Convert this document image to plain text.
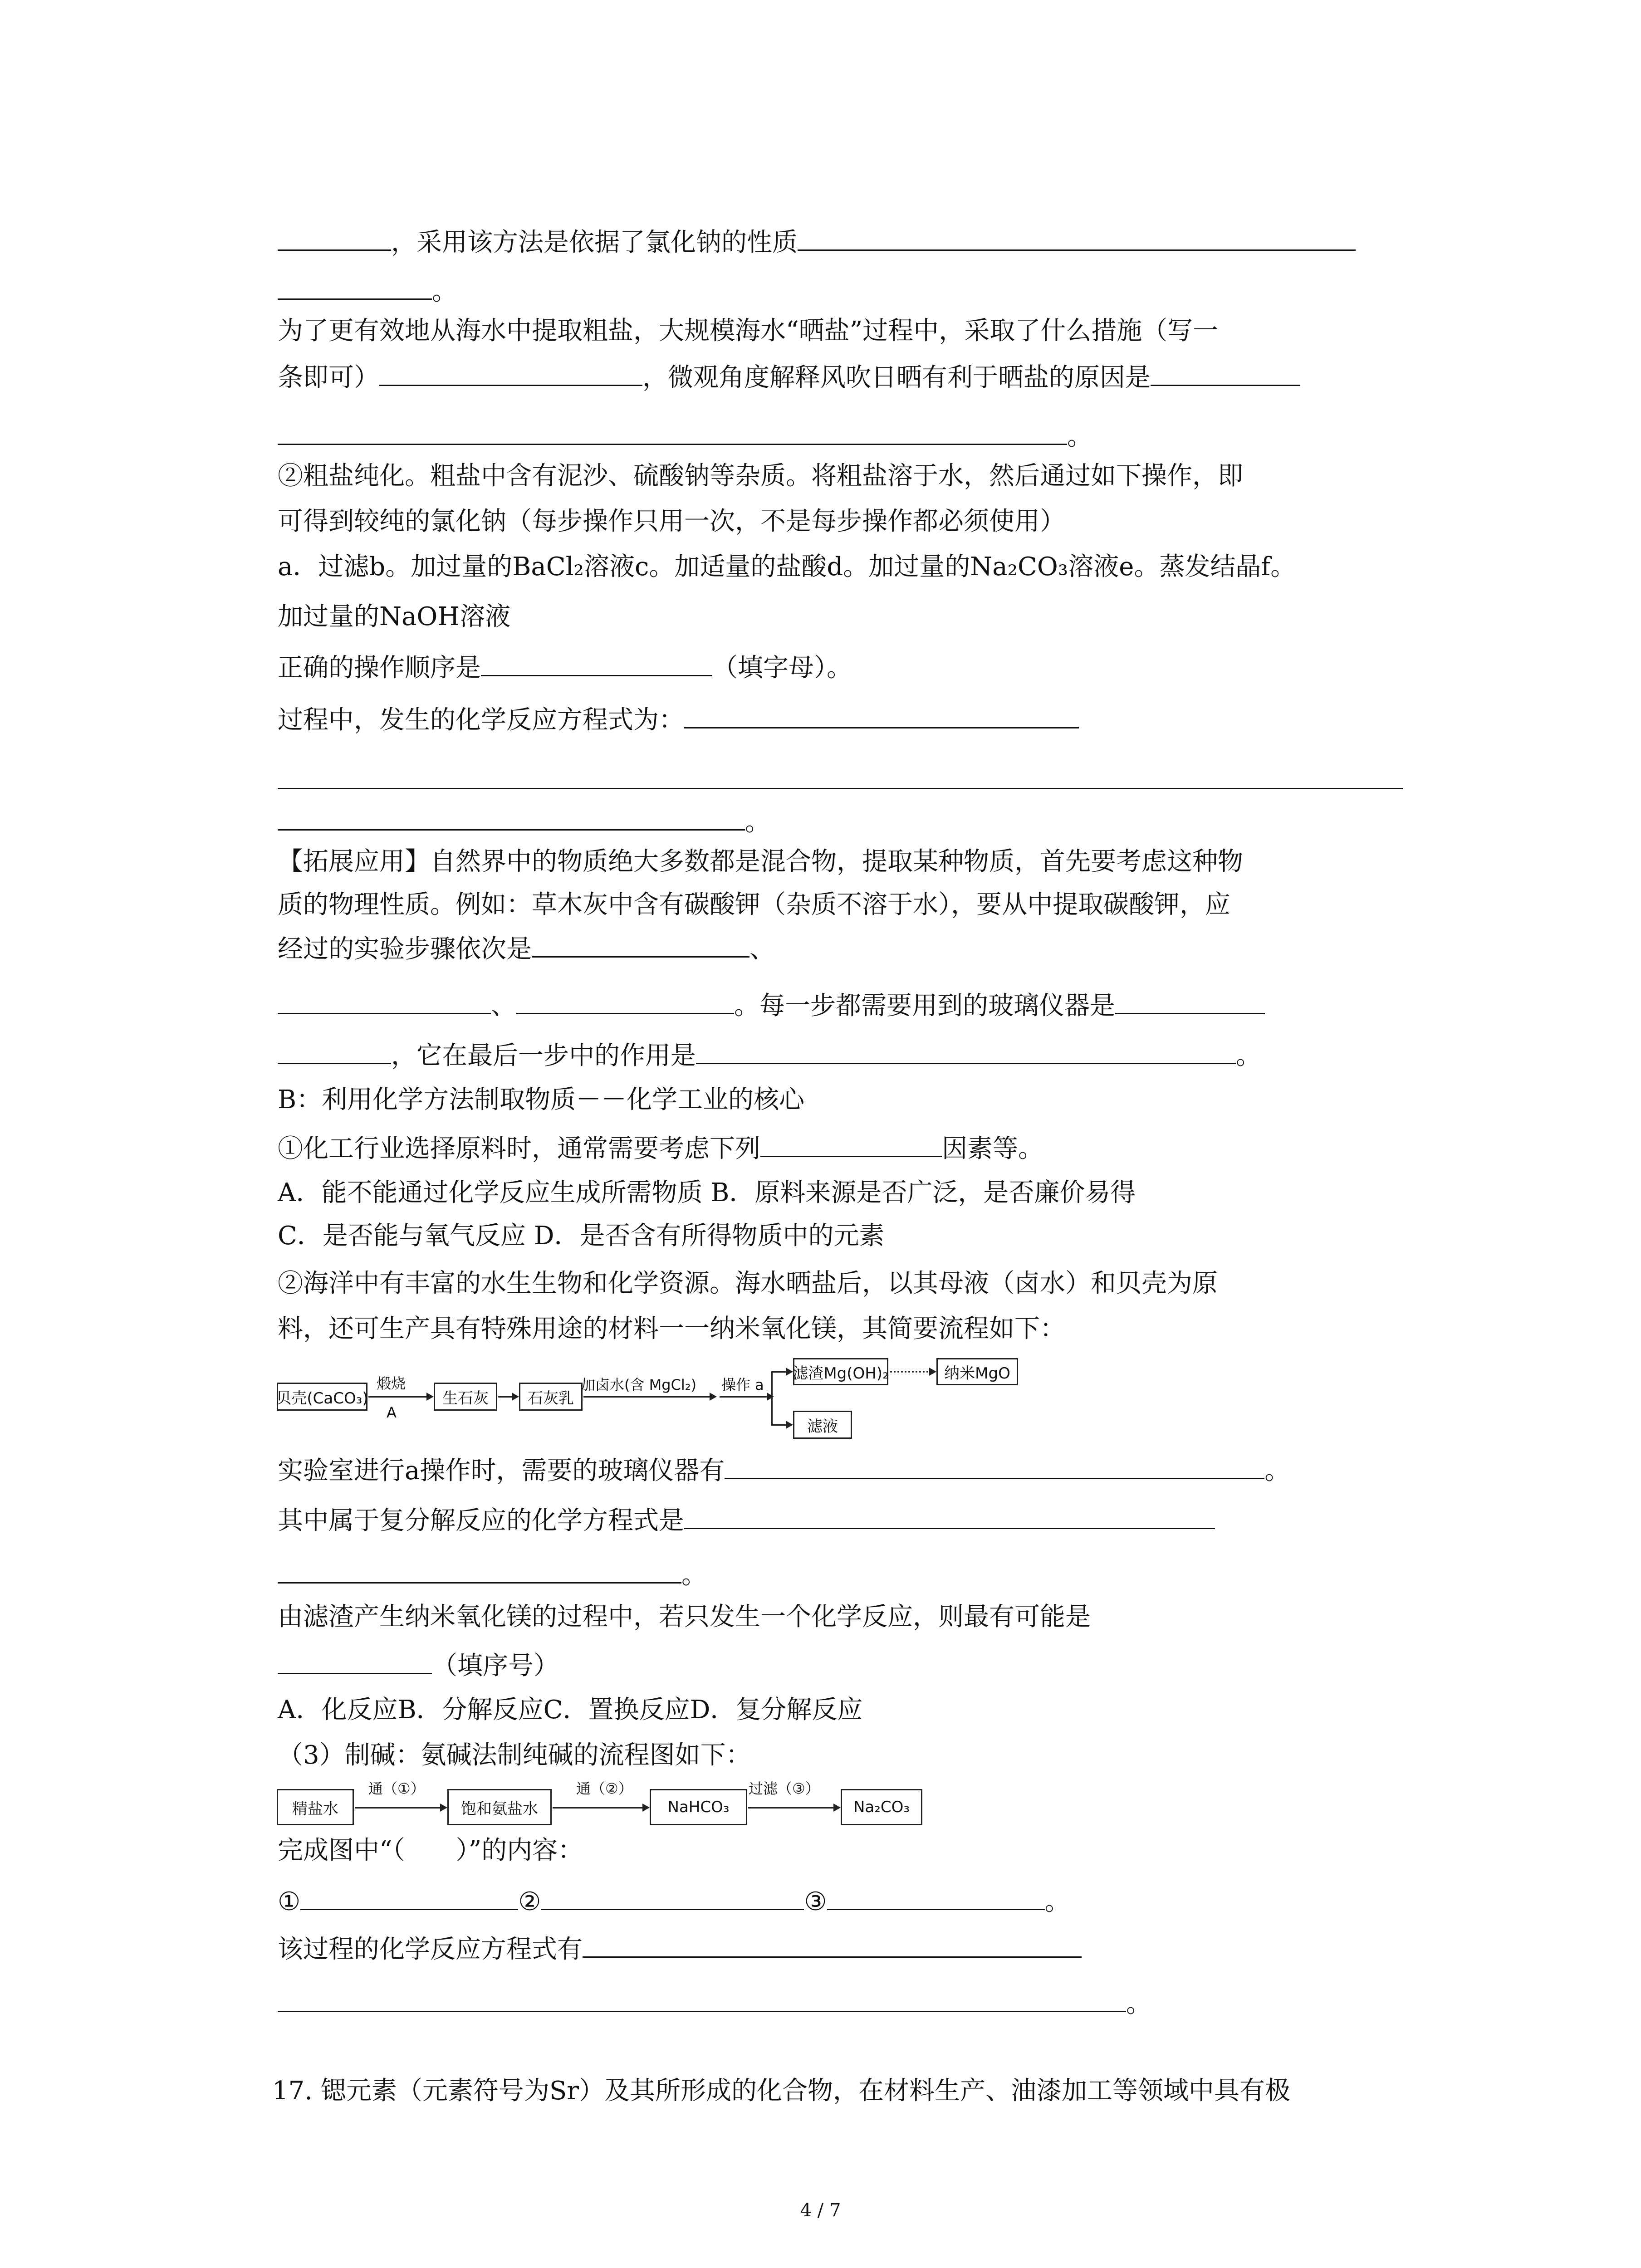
，采用该方法是依据了氯化钠的性质
。
为了更有效地从海水中提取粗盐，大规模海水“晒盐”过程中，采取了什么措施（写一
条即可）	，微观角度解释风吹日晒有利于晒盐的原因是
。
②粗盐纯化。粗盐中含有泥沙、硫酸钠等杂质。将粗盐溶于水，然后通过如下操作，即
可得到较纯的氯化钠（每步操作只用一次，不是每步操作都必须使用）
a．过滤b。加过量的BaCl₂溶液c。加适量的盐酸d。加过量的Na₂CO₃溶液e。蒸发结晶f。
加过量的NaOH溶液
正确的操作顺序是	（填字母）。
过程中，发生的化学反应方程式为：
。
【拓展应用】自然界中的物质绝大多数都是混合物，提取某种物质，首先要考虑这种物
质的物理性质。例如：草木灰中含有碳酸钾（杂质不溶于水），要从中提取碳酸钾，应
经过的实验步骤依次是	、
、	。每一步都需要用到的玻璃仪器是
，它在最后一步中的作用是	。
B：利用化学方法制取物质－－化学工业的核心
①化工行业选择原料时，通常需要考虑下列	因素等。
A．能不能通过化学反应生成所需物质 B．原料来源是否广泛，是否廉价易得
C．是否能与氧气反应 D．是否含有所得物质中的元素
②海洋中有丰富的水生生物和化学资源。海水晒盐后，以其母液（卤水）和贝壳为原
料，还可生产具有特殊用途的材料一一纳米氧化镁，其简要流程如下：
贝壳(CaCO₃)
煅烧
A
生石灰	石灰乳
加卤水(含 MgCl₂) 操作 a
滤渣Mg(OH)₂	纳米MgO
滤液
实验室进行a操作时，需要的玻璃仪器有	。
其中属于复分解反应的化学方程式是
。
由滤渣产生纳米氧化镁的过程中，若只发生一个化学反应，则最有可能是
（填序号）
A．化反应B．分解反应C．置换反应D．复分解反应
（3）制碱：氨碱法制纯碱的流程图如下：
精盐水
通（①）
饱和氨盐水
通（②）
NaHCO₃
过滤（③）
Na₂CO₃
完成图中“（　　）”的内容：
①	②	③	。
该过程的化学反应方程式有
。
17. 锶元素（元素符号为Sr）及其所形成的化合物，在材料生产、油漆加工等领域中具有极
4 / 7
